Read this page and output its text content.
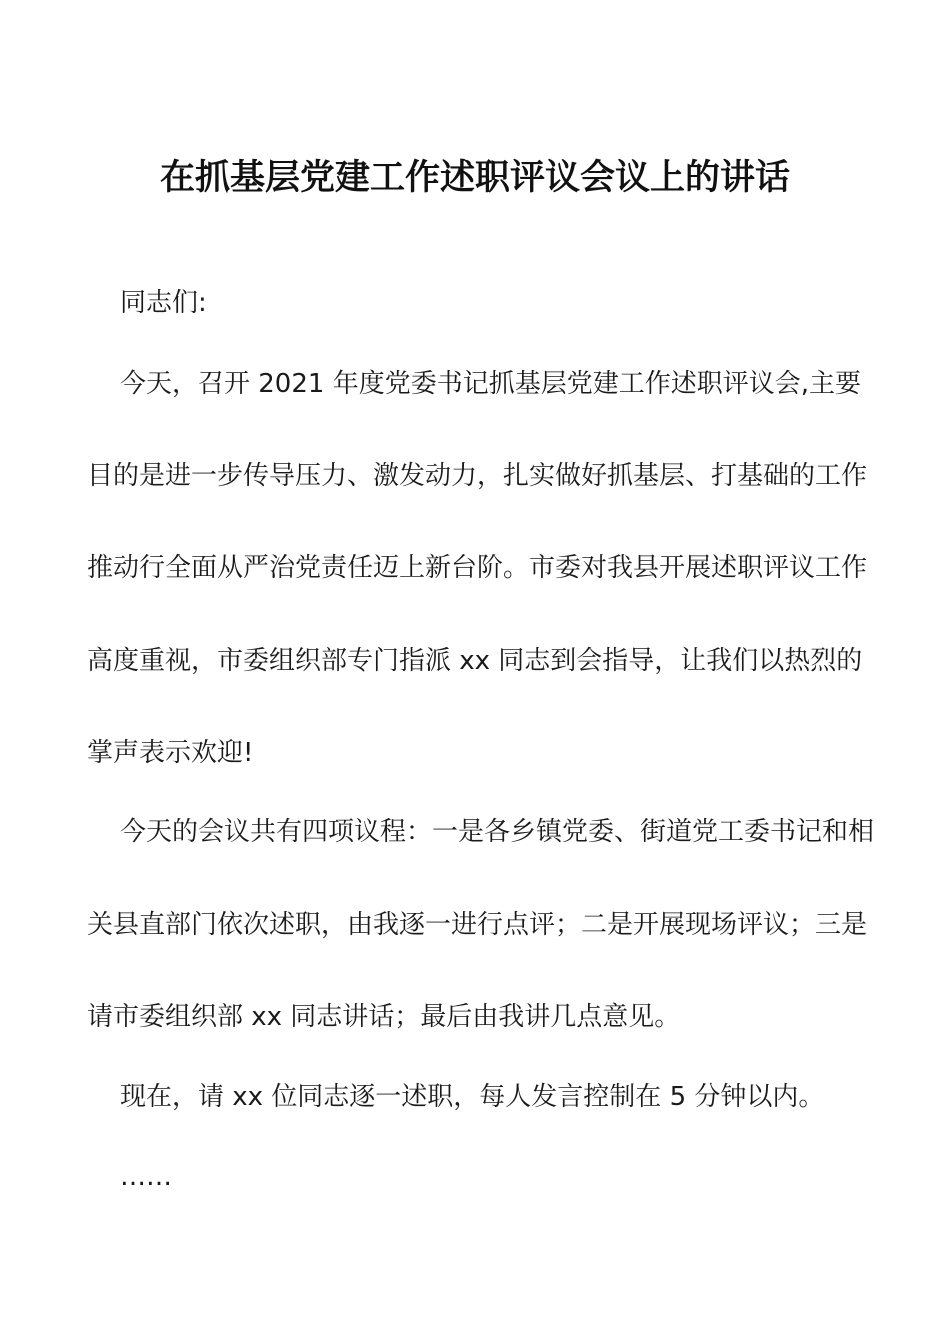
在抓基层党建工作述职评议会议上的讲话
同志们:
今天，召开 2021 年度党委书记抓基层党建工作述职评议会,主要
目的是进一步传导压力、激发动力，扎实做好抓基层、打基础的工作
推动行全面从严治党责任迈上新台阶。市委对我县开展述职评议工作
高度重视，市委组织部专门指派 xx 同志到会指导，让我们以热烈的
掌声表示欢迎!
今天的会议共有四项议程：一是各乡镇党委、街道党工委书记和相
关县直部门依次述职，由我逐一进行点评；二是开展现场评议；三是
请市委组织部 xx 同志讲话；最后由我讲几点意见。
现在，请 xx 位同志逐一述职，每人发言控制在 5 分钟以内。
……
